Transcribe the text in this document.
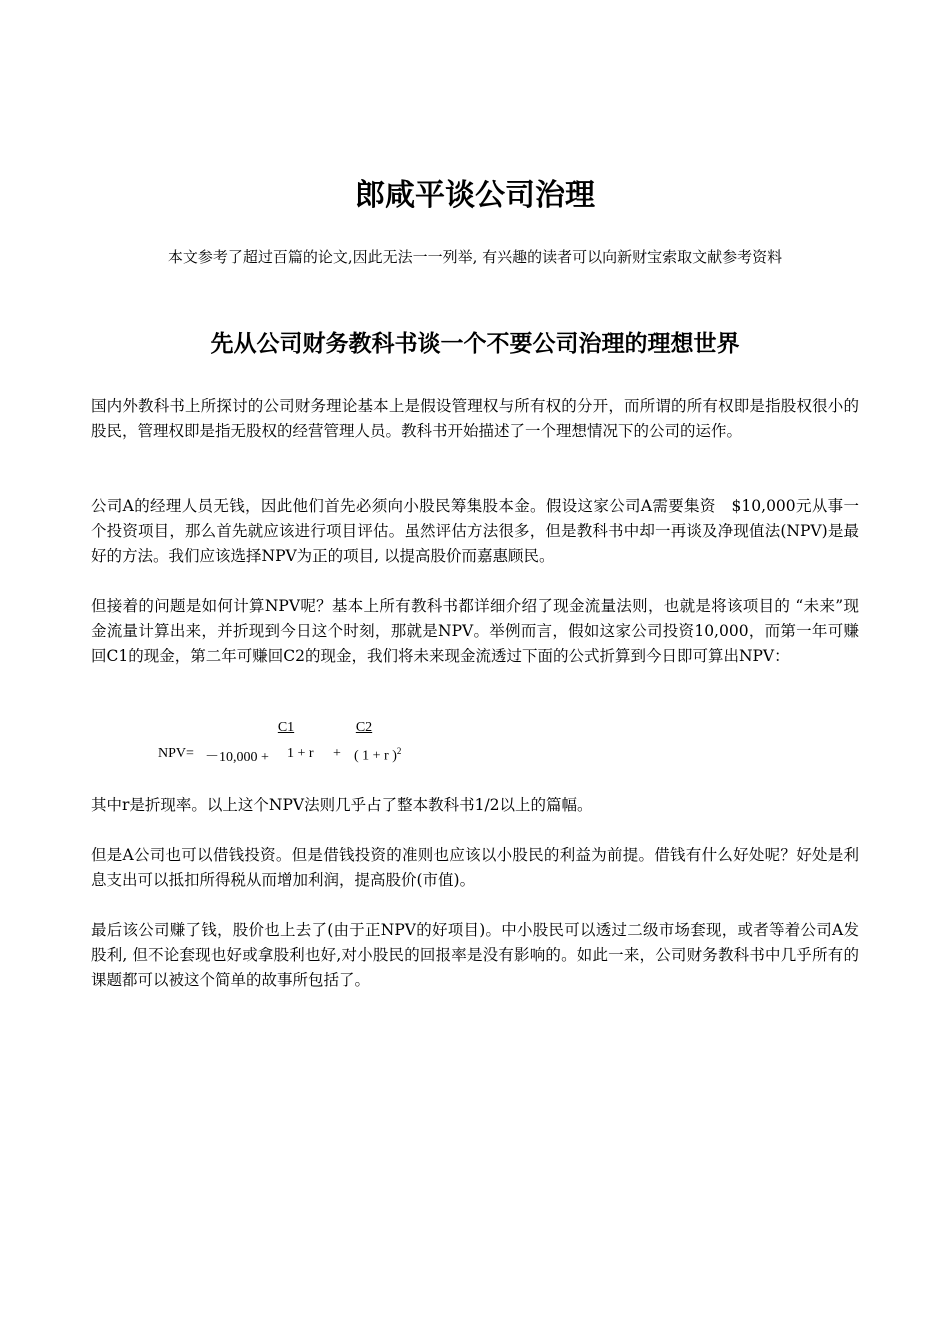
郎咸平谈公司治理
本文参考了超过百篇的论文,因此无法一一列举, 有兴趣的读者可以向新财宝索取文献参考资料
先从公司财务教科书谈一个不要公司治理的理想世界

国内外教科书上所探讨的公司财务理论基本上是假设管理权与所有权的分开，而所谓的所有权即是指股权很小的股民，管理权即是指无股权的经营管理人员。教科书开始描述了一个理想情况下的公司的运作。

公司A的经理人员无钱，因此他们首先必须向小股民筹集股本金。假设这家公司A需要集资　$10,000元从事一个投资项目，那么首先就应该进行项目评估。虽然评估方法很多，但是教科书中却一再谈及净现值法(NPV)是最好的方法。我们应该选择NPV为正的项目, 以提高股价而嘉惠顾民。

但接着的问题是如何计算NPV呢？基本上所有教科书都详细介绍了现金流量法则，也就是将该项目的 “未来”现金流量计算出来，并折现到今日这个时刻，那就是NPV。举例而言，假如这家公司投资10,000，而第一年可赚回C1的现金，第二年可赚回C2的现金，我们将未来现金流透过下面的公式折算到今日即可算出NPV：

C1	C2
NPV= －10,000 + 1 + r + ( 1 + r )$^2$

其中r是折现率。以上这个NPV法则几乎占了整本教科书1/2以上的篇幅。

但是A公司也可以借钱投资。但是借钱投资的准则也应该以小股民的利益为前提。借钱有什么好处呢？好处是利息支出可以抵扣所得税从而增加利润，提高股价(市值)。

最后该公司赚了钱，股价也上去了(由于正NPV的好项目)。中小股民可以透过二级市场套现，或者等着公司A发股利, 但不论套现也好或拿股利也好,对小股民的回报率是没有影响的。如此一来，公司财务教科书中几乎所有的课题都可以被这个简单的故事所包括了。
